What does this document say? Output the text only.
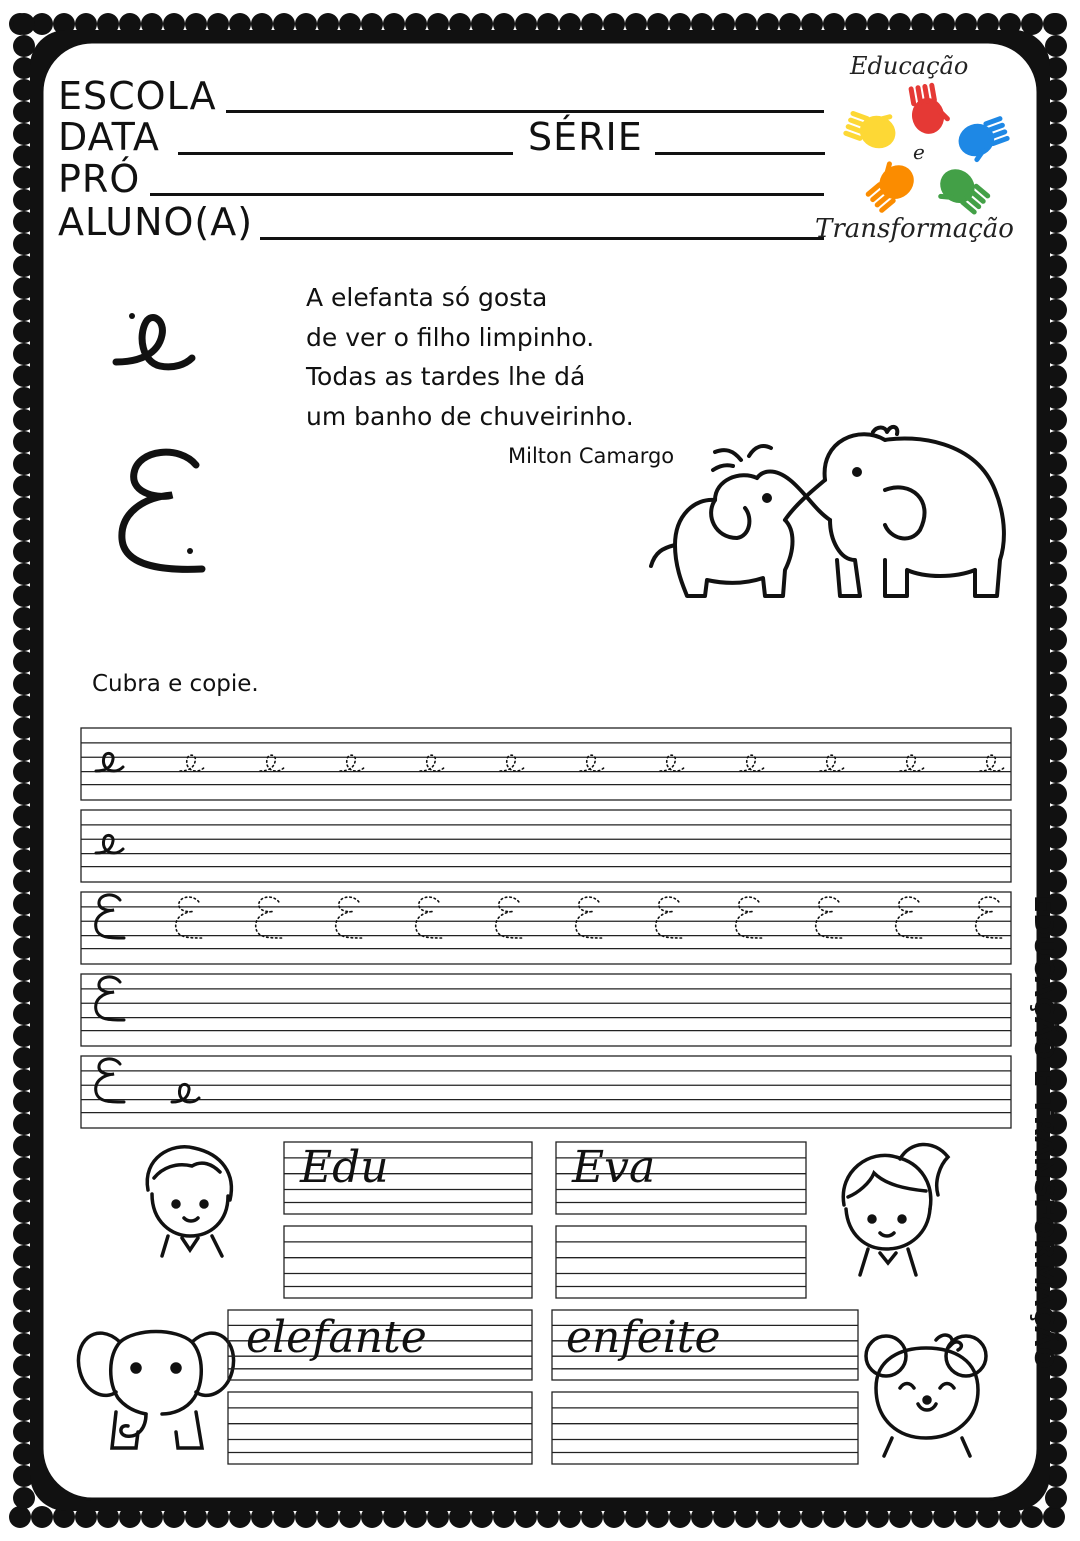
ESCOLA
DATA	SÉRIE
PRÓ
ALUNO(A)
Educação
e
Transformação
A elefanta só gosta
de ver o filho limpinho.
Todas as tardes lhe dá
um banho de chuveirinho.
Milton Camargo
Cubra e copie.
Edu	Eva
elefante	enfeite	EDUCAÇÃO E TRANSFORMAÇÃO
